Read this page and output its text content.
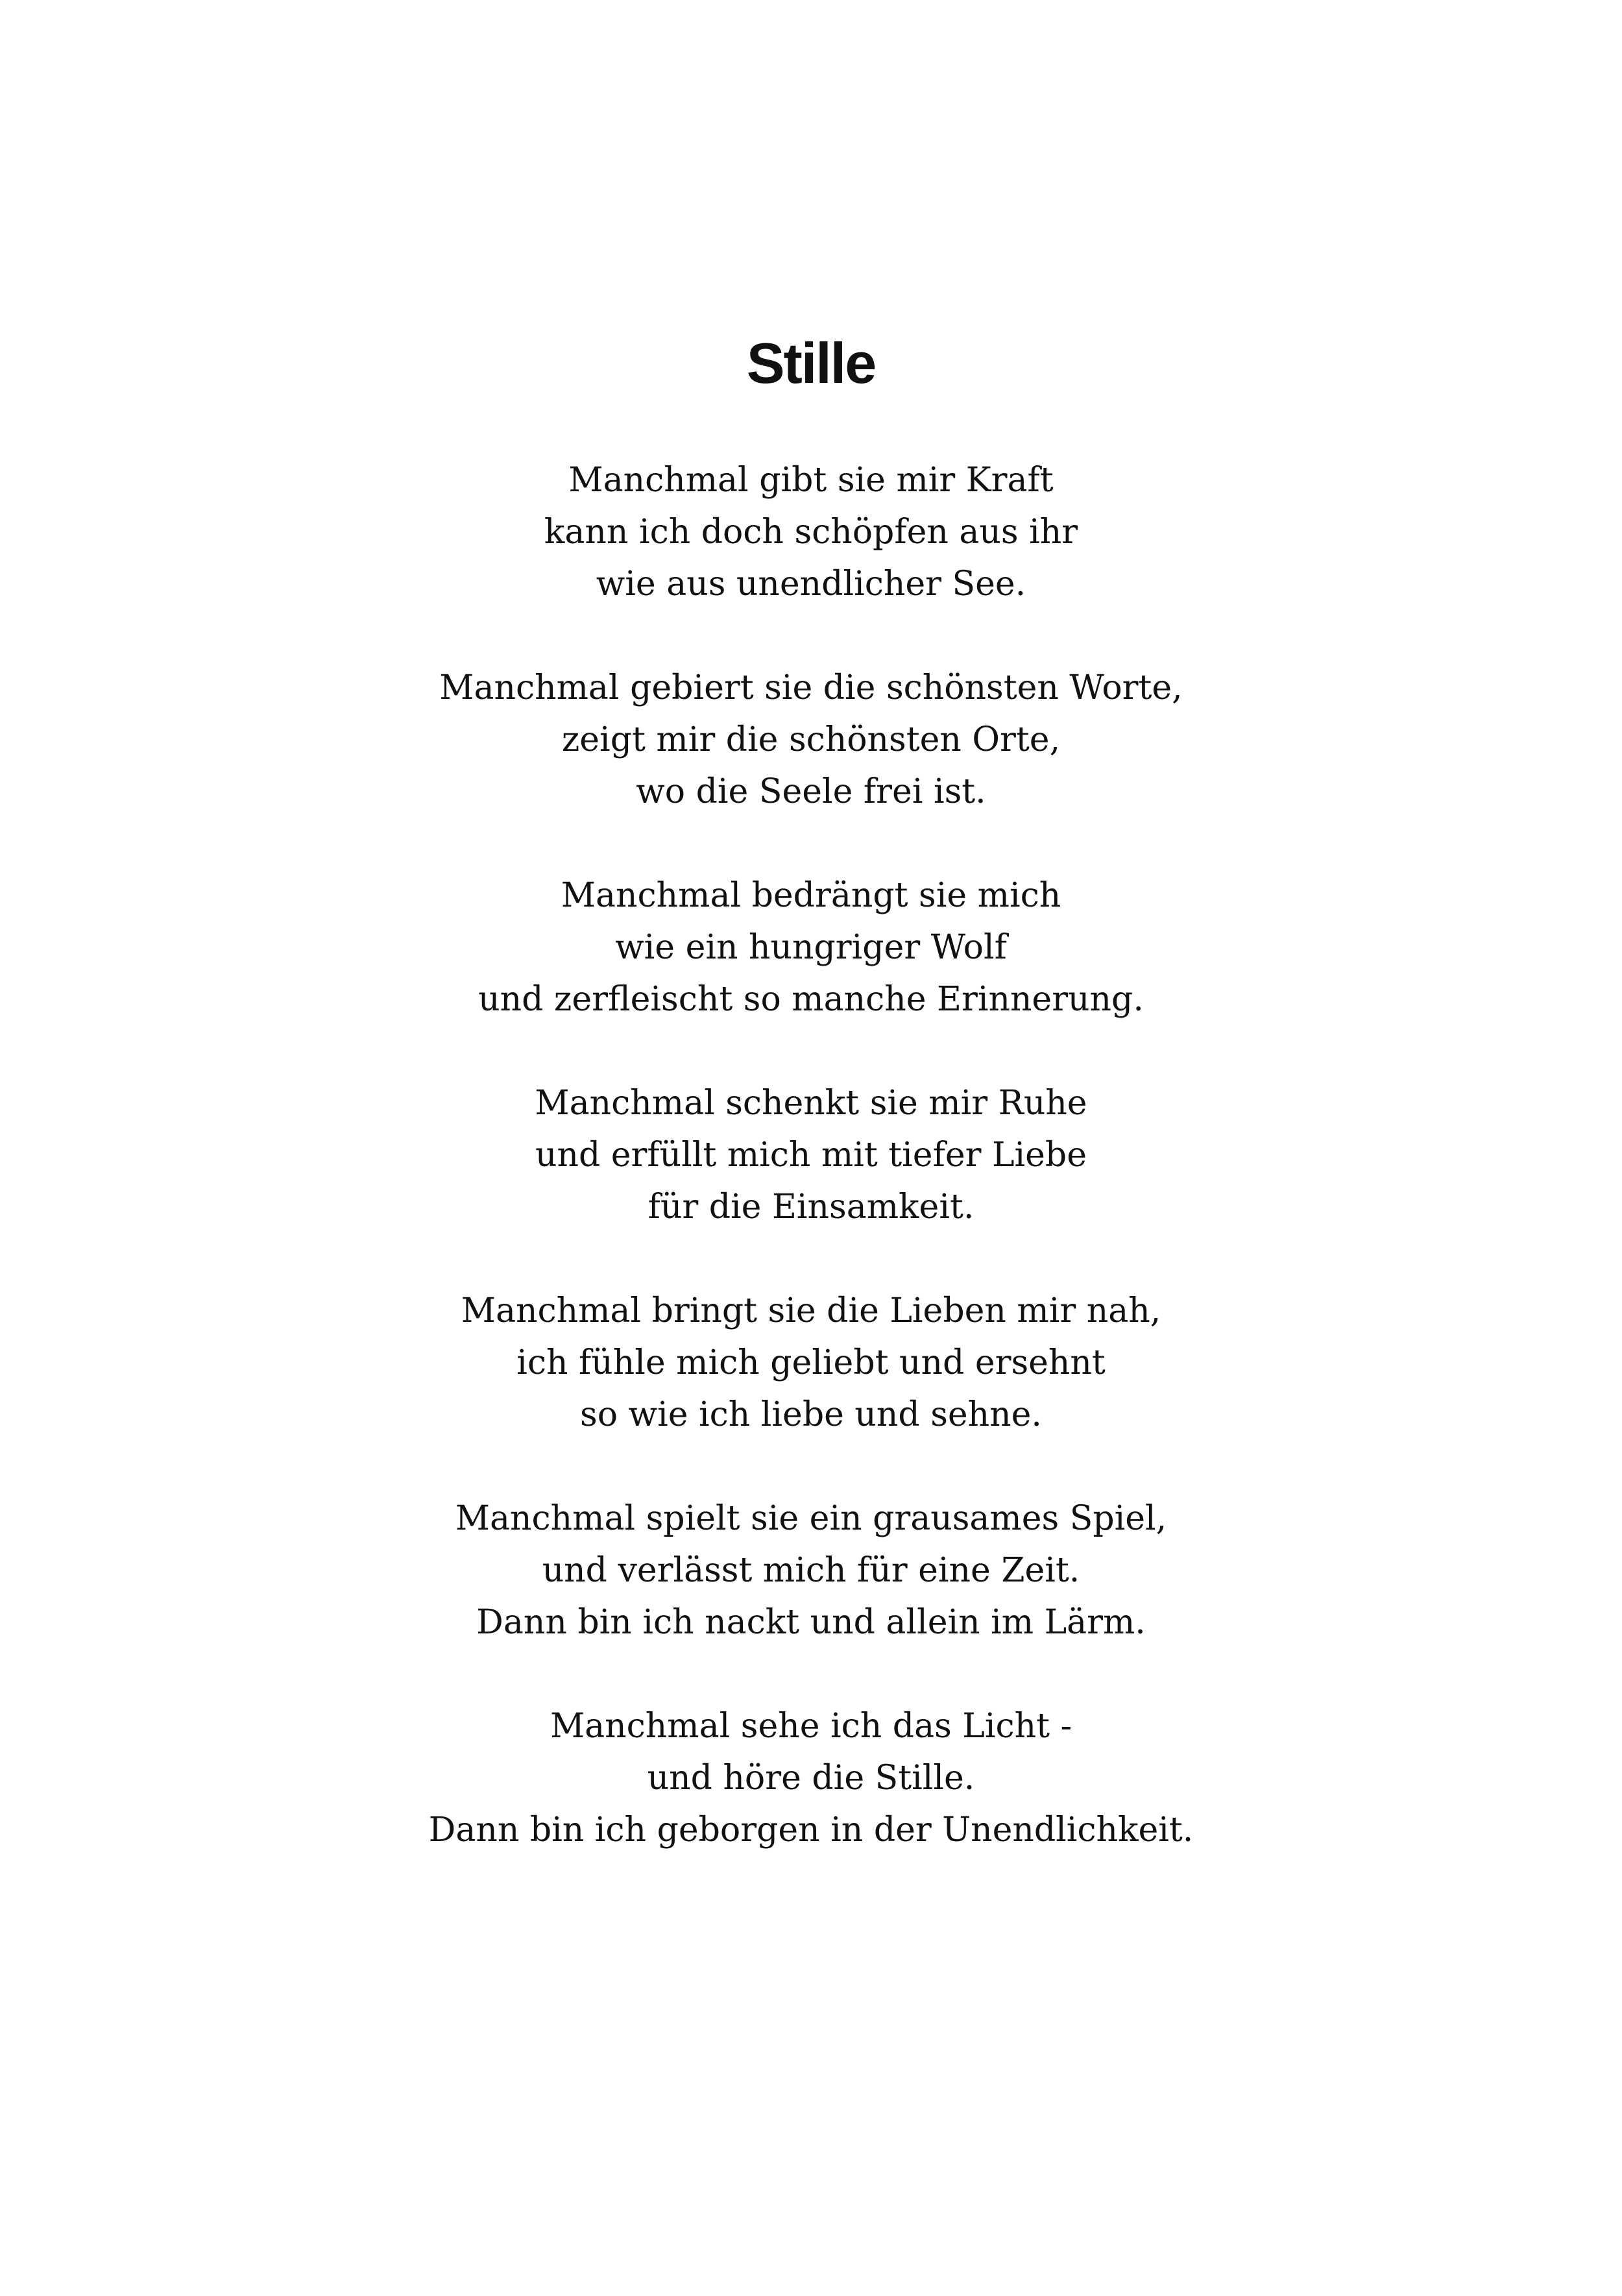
Stille
Manchmal gibt sie mir Kraft
kann ich doch schöpfen aus ihr
wie aus unendlicher See.
Manchmal gebiert sie die schönsten Worte,
zeigt mir die schönsten Orte,
wo die Seele frei ist.
Manchmal bedrängt sie mich
wie ein hungriger Wolf
und zerfleischt so manche Erinnerung.
Manchmal schenkt sie mir Ruhe
und erfüllt mich mit tiefer Liebe
für die Einsamkeit.
Manchmal bringt sie die Lieben mir nah,
ich fühle mich geliebt und ersehnt
so wie ich liebe und sehne.
Manchmal spielt sie ein grausames Spiel,
und verlässt mich für eine Zeit.
Dann bin ich nackt und allein im Lärm.
Manchmal sehe ich das Licht -
und höre die Stille.
Dann bin ich geborgen in der Unendlichkeit.
